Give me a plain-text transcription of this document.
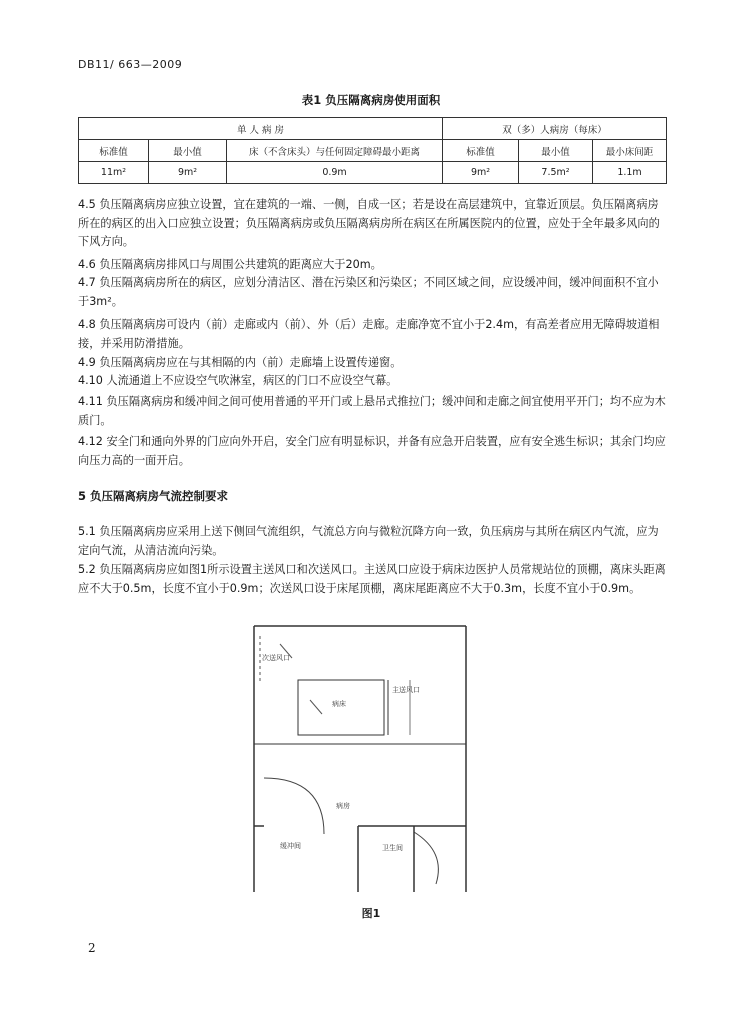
DB11/ 663—2009
表1 负压隔离病房使用面积
单 人 病 房			双（多）人病房（每床）		
标准值	最小值	床（不含床头）与任何固定障碍最小距离	标准值	最小值	最小床间距
11m²	9m²	0.9m	9m²	7.5m²	1.1m
4.5 负压隔离病房应独立设置，宜在建筑的一端、一侧，自成一区；若是设在高层建筑中，宜靠近顶层。负压隔离病房所在的病区的出入口应独立设置；负压隔离病房或负压隔离病房所在病区在所属医院内的位置，应处于全年最多风向的下风方向。
4.6 负压隔离病房排风口与周围公共建筑的距离应大于20m。
4.7 负压隔离病房所在的病区，应划分清洁区、潜在污染区和污染区；不同区域之间，应设缓冲间，缓冲间面积不宜小于3m²。
4.8 负压隔离病房可设内（前）走廊或内（前）、外（后）走廊。走廊净宽不宜小于2.4m，有高差者应用无障碍坡道相接，并采用防滑措施。
4.9 负压隔离病房应在与其相隔的内（前）走廊墙上设置传递窗。
4.10 人流通道上不应设空气吹淋室，病区的门口不应设空气幕。
4.11 负压隔离病房和缓冲间之间可使用普通的平开门或上悬吊式推拉门；缓冲间和走廊之间宜使用平开门；均不应为木质门。
4.12 安全门和通向外界的门应向外开启，安全门应有明显标识，并备有应急开启装置，应有安全逃生标识；其余门均应向压力高的一面开启。
5 负压隔离病房气流控制要求
5.1 负压隔离病房应采用上送下侧回气流组织，气流总方向与微粒沉降方向一致，负压病房与其所在病区内气流，应为定向气流，从清洁流向污染。
5.2 负压隔离病房应如图1所示设置主送风口和次送风口。主送风口应设于病床边医护人员常规站位的顶棚，离床头距离应不大于0.5m，长度不宜小于0.9m；次送风口设于床尾顶棚，离床尾距离应不大于0.3m，长度不宜小于0.9m。
次送风口
病床
主送风口
病房
缓冲间	卫生间
图1
2
